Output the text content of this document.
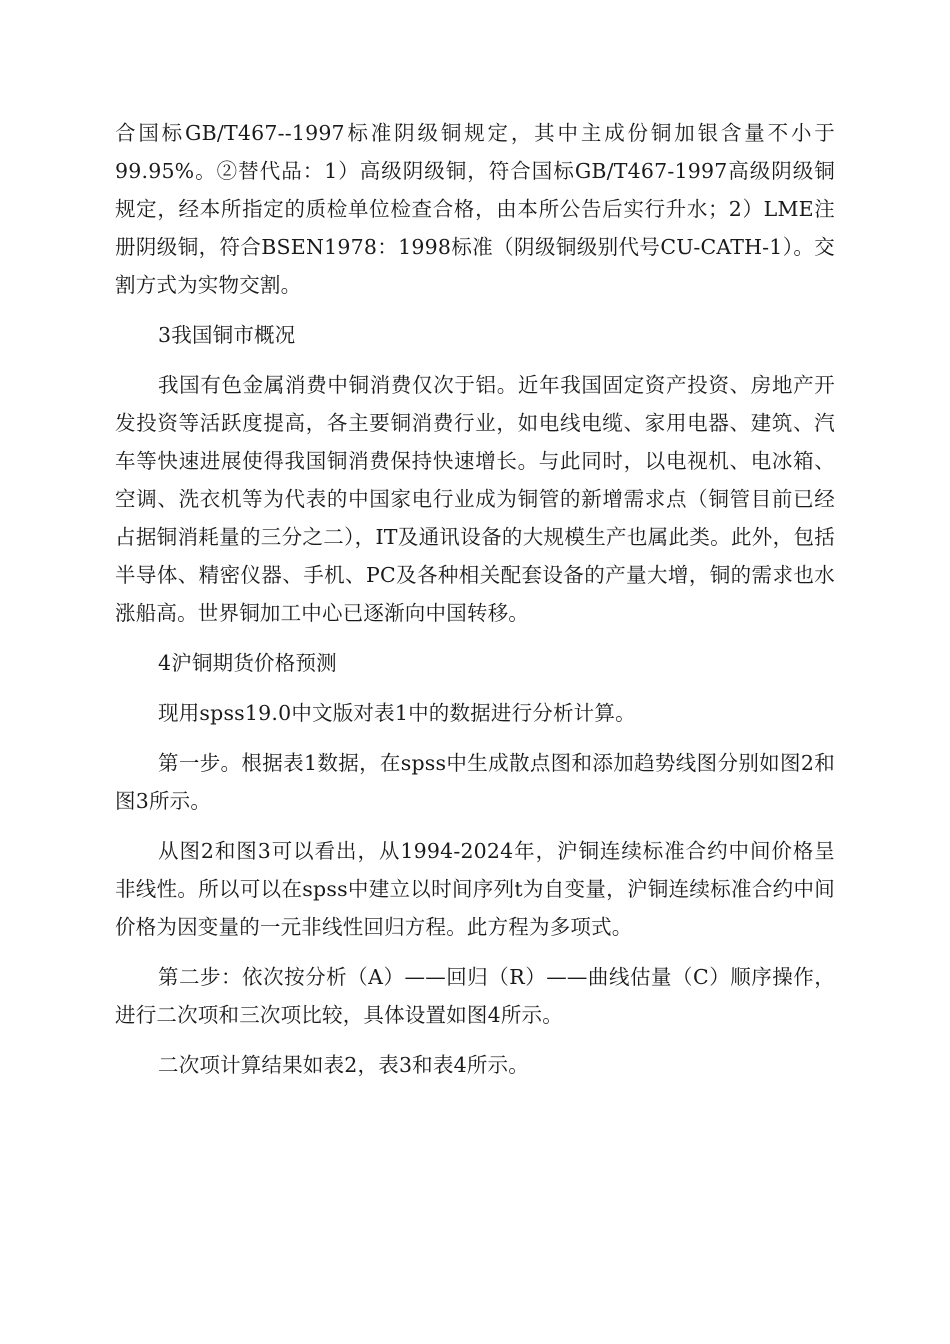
合国标GB/T467--1997标准阴级铜规定，其中主成份铜加银含量不小于99.95%。②替代品：1）高级阴级铜，符合国标GB/T467-1997高级阴级铜规定，经本所指定的质检单位检查合格，由本所公告后实行升水；2）LME注册阴级铜，符合BSEN1978：1998标准（阴级铜级别代号CU-CATH-1）。交割方式为实物交割。

3我国铜市概况

我国有色金属消费中铜消费仅次于铝。近年我国固定资产投资、房地产开发投资等活跃度提高，各主要铜消费行业，如电线电缆、家用电器、建筑、汽车等快速进展使得我国铜消费保持快速增长。与此同时，以电视机、电冰箱、空调、洗衣机等为代表的中国家电行业成为铜管的新增需求点（铜管目前已经占据铜消耗量的三分之二），IT及通讯设备的大规模生产也属此类。此外，包括半导体、精密仪器、手机、PC及各种相关配套设备的产量大增，铜的需求也水涨船高。世界铜加工中心已逐渐向中国转移。

4沪铜期货价格预测

现用spss19.0中文版对表1中的数据进行分析计算。

第一步。根据表1数据，在spss中生成散点图和添加趋势线图分别如图2和图3所示。

从图2和图3可以看出，从1994-2024年，沪铜连续标准合约中间价格呈非线性。所以可以在spss中建立以时间序列t为自变量，沪铜连续标准合约中间价格为因变量的一元非线性回归方程。此方程为多项式。

第二步：依次按分析（A）——回归（R）——曲线估量（C）顺序操作，进行二次项和三次项比较，具体设置如图4所示。

二次项计算结果如表2，表3和表4所示。
